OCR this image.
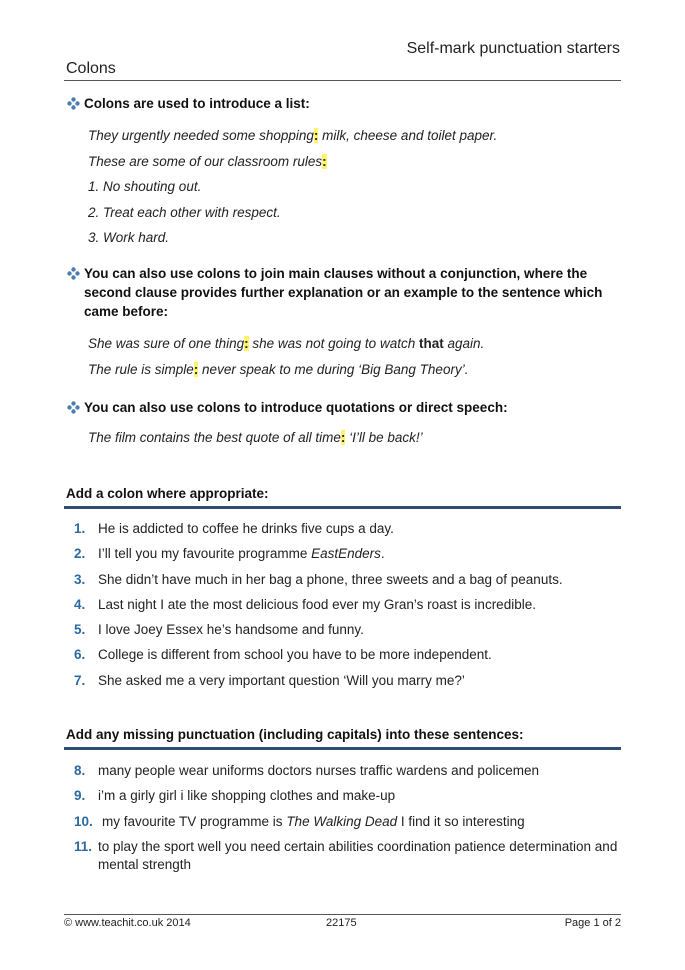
Self-mark punctuation starters
Colons
Colons are used to introduce a list:
They urgently needed some shopping: milk, cheese and toilet paper.
These are some of our classroom rules:
1. No shouting out.
2. Treat each other with respect.
3. Work hard.
You can also use colons to join main clauses without a conjunction, where the second clause provides further explanation or an example to the sentence which came before:
She was sure of one thing: she was not going to watch that again.
The rule is simple: never speak to me during ‘Big Bang Theory’.
You can also use colons to introduce quotations or direct speech:
The film contains the best quote of all time: ‘I’ll be back!’
Add a colon where appropriate:
1. He is addicted to coffee he drinks five cups a day.
2. I’ll tell you my favourite programme EastEnders.
3. She didn’t have much in her bag a phone, three sweets and a bag of peanuts.
4. Last night I ate the most delicious food ever my Gran’s roast is incredible.
5. I love Joey Essex he’s handsome and funny.
6. College is different from school you have to be more independent.
7. She asked me a very important question ‘Will you marry me?’
Add any missing punctuation (including capitals) into these sentences:
8. many people wear uniforms doctors nurses traffic wardens and policemen
9. i’m a girly girl i like shopping clothes and make-up
10. my favourite TV programme is The Walking Dead I find it so interesting
11. to play the sport well you need certain abilities coordination patience determination and mental strength
© www.teachit.co.uk 2014	22175	Page 1 of 2
